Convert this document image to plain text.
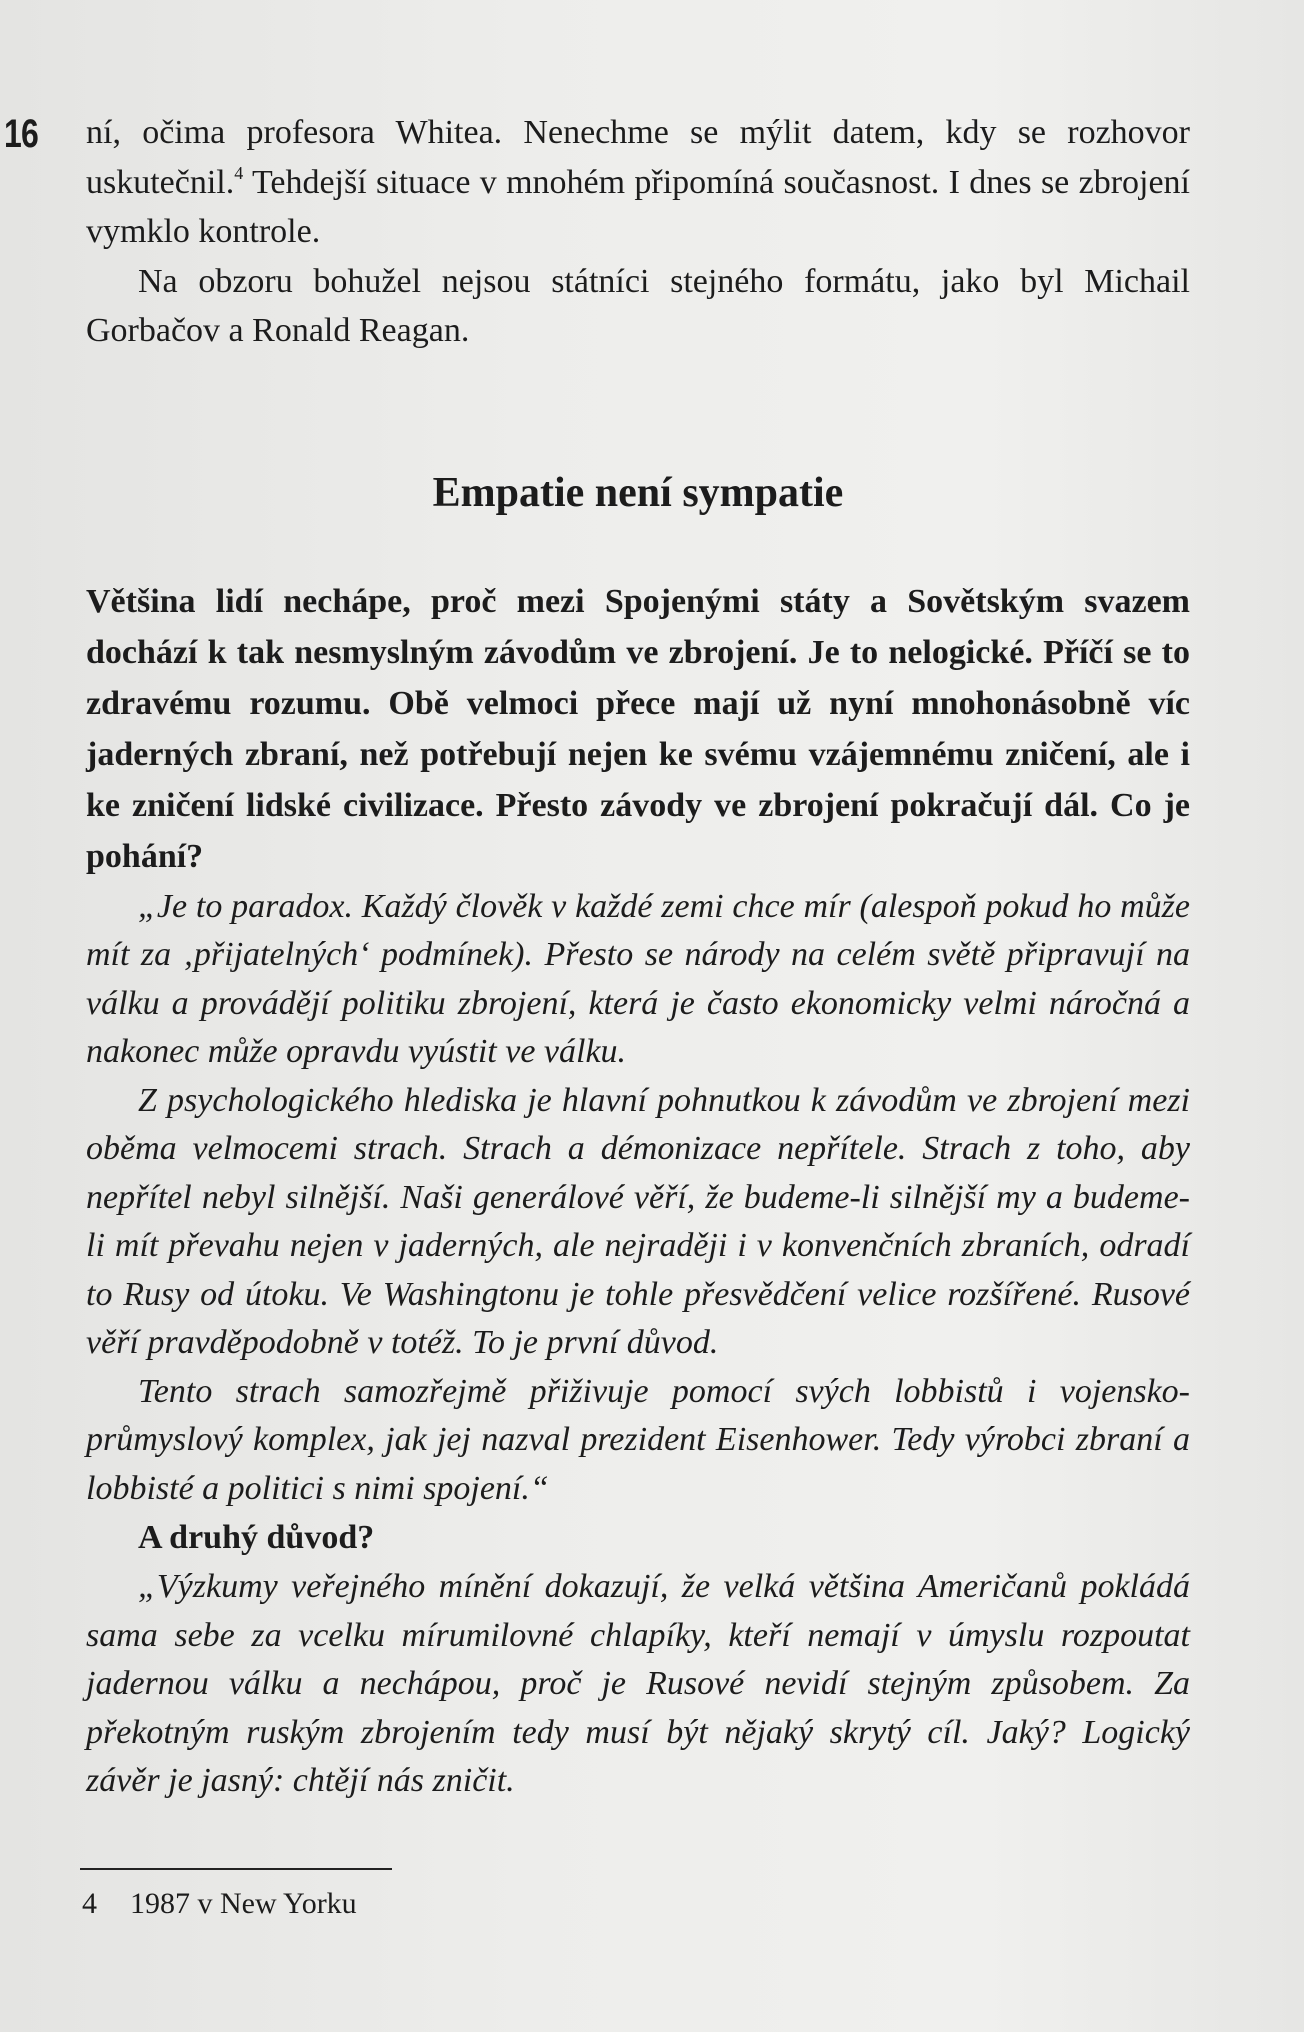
16 ní, očima profesora Whitea. Nenechme se mýlit datem, kdy se rozhovor uskutečnil.$^4$ Tehdejší situace v mnohém připomíná současnost. I dnes se zbrojení vymklo kontrole.

Na obzoru bohužel nejsou státníci stejného formátu, jako byl Michail Gorbačov a Ronald Reagan.

Empatie není sympatie

Většina lidí nechápe, proč mezi Spojenými státy a Sovětským svazem dochází k tak nesmyslným závodům ve zbrojení. Je to nelogické. Příčí se to zdravému rozumu. Obě velmoci přece mají už nyní mnohonásobně víc jaderných zbraní, než potřebují nejen ke svému vzájemnému zničení, ale i ke zničení lidské civilizace. Přesto závody ve zbrojení pokračují dál. Co je pohání?

„Je to paradox. Každý člověk v každé zemi chce mír (alespoň pokud ho může mít za ‚přijatelných‘ podmínek). Přesto se národy na celém světě připravují na válku a provádějí politiku zbrojení, která je často ekonomicky velmi náročná a nakonec může opravdu vyústit ve válku.

Z psychologického hlediska je hlavní pohnutkou k závodům ve zbrojení mezi oběma velmocemi strach. Strach a démonizace nepřítele. Strach z toho, aby nepřítel nebyl silnější. Naši generálové věří, že budeme-li silnější my a budeme-li mít převahu nejen v jaderných, ale nejraději i v konvenčních zbraních, odradí to Rusy od útoku. Ve Washingtonu je tohle přesvědčení velice rozšířené. Rusové věří pravděpodobně v totéž. To je první důvod.

Tento strach samozřejmě přiživuje pomocí svých lobbistů i vojensko-průmyslový komplex, jak jej nazval prezident Eisenhower. Tedy výrobci zbraní a lobbisté a politici s nimi spojení.“

A druhý důvod?

„Výzkumy veřejného mínění dokazují, že velká většina Američanů pokládá sama sebe za vcelku mírumilovné chlapíky, kteří nemají v úmyslu rozpoutat jadernou válku a nechápou, proč je Rusové nevidí stejným způsobem. Za překotným ruským zbrojením tedy musí být nějaký skrytý cíl. Jaký? Logický závěr je jasný: chtějí nás zničit.

4 1987 v New Yorku
